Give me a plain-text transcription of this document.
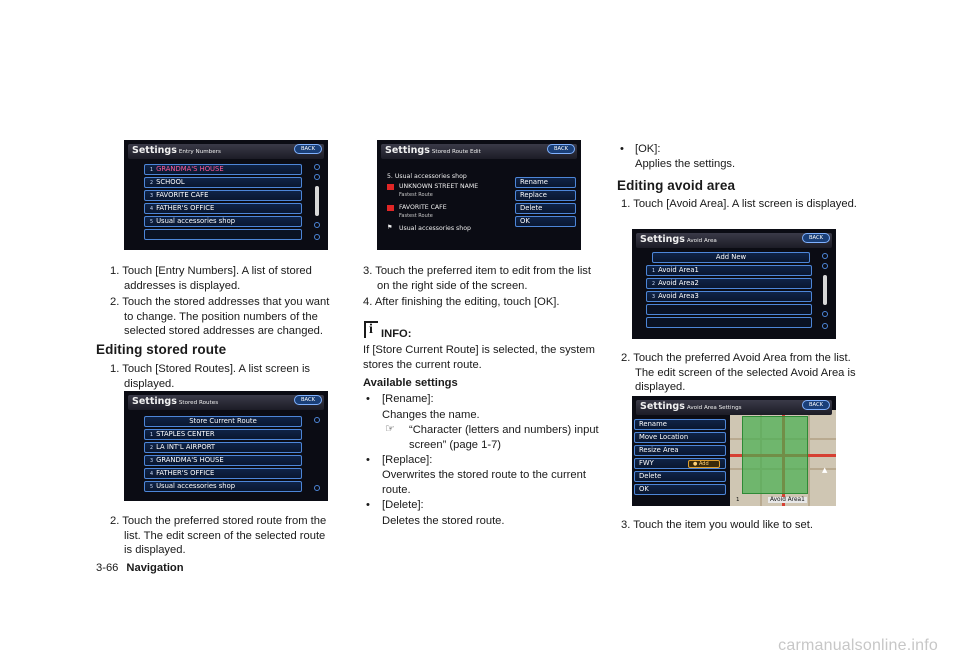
Settings Entry Numbers	BACK
1 GRANDMA'S HOUSE
2 SCHOOL
3 FAVORITE CAFE
4 FATHER'S OFFICE
5 Usual accessories shop
1. Touch [Entry Numbers]. A list of stored addresses is displayed.
2. Touch the stored addresses that you want to change. The position numbers of the selected stored addresses are changed.
Editing stored route
1. Touch [Stored Routes]. A list screen is displayed.
Settings Stored Routes	BACK
Store Current Route
1 STAPLES CENTER
2 LA INT'L AIRPORT
3 GRANDMA'S HOUSE
4 FATHER'S OFFICE
5 Usual accessories shop
2. Touch the preferred stored route from the list. The edit screen of the selected route is displayed.
Settings Stored Route Edit	BACK
5. Usual accessories shop
UNKNOWN STREET NAME
Fastest Route
FAVORITE CAFE
Fastest Route
⚑ Usual accessories shop
Rename
Replace
Delete
OK
3. Touch the preferred item to edit from the list on the right side of the screen.
4. After finishing the editing, touch [OK].
i
INFO:
If [Store Current Route] is selected, the system stores the current route.
Available settings
• [Rename]:
Changes the name.
☞ “Character (letters and numbers) input screen” (page 1-7)
• [Replace]:
Overwrites the stored route to the current route.
• [Delete]:
Deletes the stored route.
• [OK]:
Applies the settings.
Editing avoid area
1. Touch [Avoid Area]. A list screen is displayed.
Settings Avoid Area	BACK
Add New
1 Avoid Area1
2 Avoid Area2
3 Avoid Area3
2. Touch the preferred Avoid Area from the list. The edit screen of the selected Avoid Area is displayed.
Settings Avoid Area Settings	BACK
Rename
Move Location
Resize Area
FWY	● Add
Delete
OK
1	Avoid Area1
▲
3. Touch the item you would like to set.
3-66 Navigation
carmanualsonline.info
